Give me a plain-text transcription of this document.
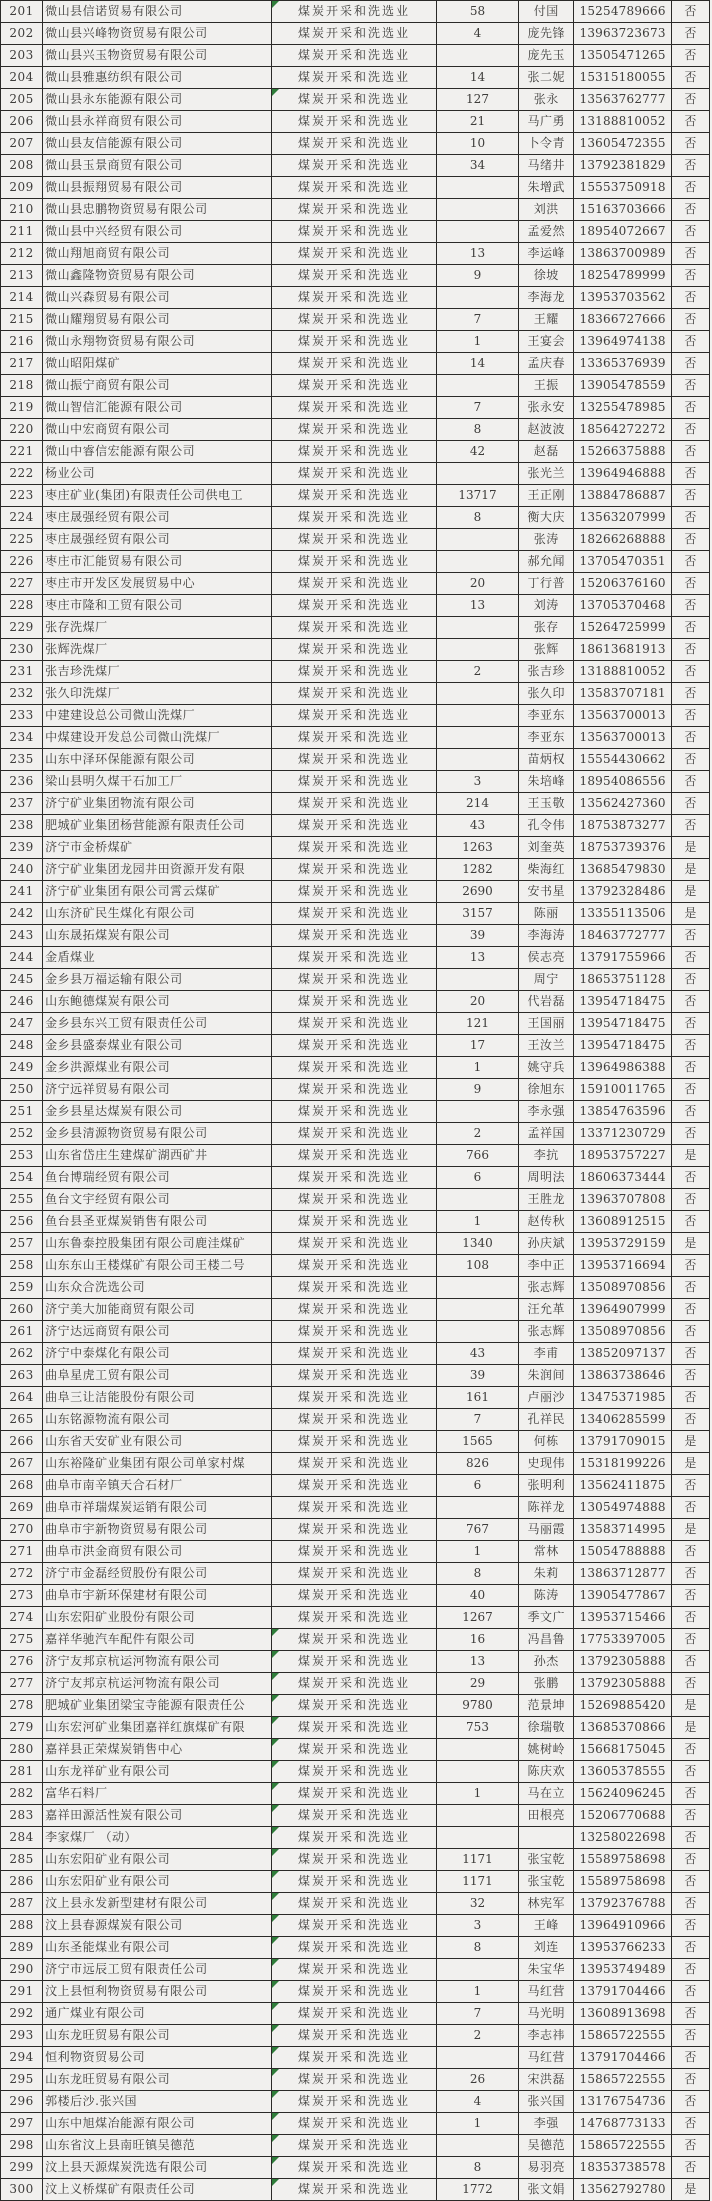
201	微山县信诺贸易有限公司	煤炭开采和洗选业	58	付国	15254789666	否
202	微山县兴峰物资贸易有限公司	煤炭开采和洗选业	4	庞先锋	13963723673	否
203	微山县兴玉物资贸易有限公司	煤炭开采和洗选业		庞先玉	13505471265	否
204	微山县雅惠纺织有限公司	煤炭开采和洗选业	14	张二妮	15315180055	否
205	微山县永东能源有限公司	煤炭开采和洗选业	127	张永	13563762777	否
206	微山县永祥商贸有限公司	煤炭开采和洗选业	21	马广勇	13188810052	否
207	微山县友信能源有限公司	煤炭开采和洗选业	10	卜令青	13605472355	否
208	微山县玉景商贸有限公司	煤炭开采和洗选业	34	马绪井	13792381829	否
209	微山县振翔贸易有限公司	煤炭开采和洗选业		朱增武	15553750918	否
210	微山县忠鹏物资贸易有限公司	煤炭开采和洗选业		刘洪	15163703666	否
211	微山县中兴经贸有限公司	煤炭开采和洗选业		孟爱然	18954072667	否
212	微山翔旭商贸有限公司	煤炭开采和洗选业	13	李运峰	13863700989	否
213	微山鑫隆物资贸易有限公司	煤炭开采和洗选业	9	徐坡	18254789999	否
214	微山兴森贸易有限公司	煤炭开采和洗选业		李海龙	13953703562	否
215	微山耀翔贸易有限公司	煤炭开采和洗选业	7	王耀	18366727666	否
216	微山永翔物资贸易有限公司	煤炭开采和洗选业	1	王宴会	13964974138	否
217	微山昭阳煤矿	煤炭开采和洗选业	14	孟庆春	13365376939	否
218	微山振宁商贸有限公司	煤炭开采和洗选业		王振	13905478559	否
219	微山智信汇能源有限公司	煤炭开采和洗选业	7	张永安	13255478985	否
220	微山中宏商贸有限公司	煤炭开采和洗选业	8	赵波波	18564272272	否
221	微山中睿信宏能源有限公司	煤炭开采和洗选业	42	赵磊	15266375888	否
222	杨业公司	煤炭开采和洗选业		张光兰	13964946888	否
223	枣庄矿业(集团)有限责任公司供电工	煤炭开采和洗选业	13717	王正刚	13884786887	否
224	枣庄晟强经贸有限公司	煤炭开采和洗选业	8	衡大庆	13563207999	否
225	枣庄晟强经贸有限公司	煤炭开采和洗选业		张涛	18266268888	否
226	枣庄市汇能贸易有限公司	煤炭开采和洗选业		郝允闻	13705470351	否
227	枣庄市开发区发展贸易中心	煤炭开采和洗选业	20	丁行普	15206376160	否
228	枣庄市隆和工贸有限公司	煤炭开采和洗选业	13	刘涛	13705370468	否
229	张存洗煤厂	煤炭开采和洗选业		张存	15264725999	否
230	张辉洗煤厂	煤炭开采和洗选业		张辉	18613681913	否
231	张吉珍洗煤厂	煤炭开采和洗选业	2	张吉珍	13188810052	否
232	张久印洗煤厂	煤炭开采和洗选业		张久印	13583707181	否
233	中建建设总公司微山洗煤厂	煤炭开采和洗选业		李亚东	13563700013	否
234	中煤建设开发总公司微山洗煤厂	煤炭开采和洗选业		李亚东	13563700013	否
235	山东中泽环保能源有限公司	煤炭开采和洗选业		苗炳权	15554430662	否
236	梁山县明久煤干石加工厂	煤炭开采和洗选业	3	朱培峰	18954086556	否
237	济宁矿业集团物流有限公司	煤炭开采和洗选业	214	王玉敬	13562427360	否
238	肥城矿业集团杨营能源有限责任公司	煤炭开采和洗选业	43	孔令伟	18753873277	否
239	济宁市金桥煤矿	煤炭开采和洗选业	1263	刘奎英	18753739376	是
240	济宁矿业集团龙园井田资源开发有限	煤炭开采和洗选业	1282	柴海红	13685479830	是
241	济宁矿业集团有限公司霄云煤矿	煤炭开采和洗选业	2690	安书星	13792328486	是
242	山东济矿民生煤化有限公司	煤炭开采和洗选业	3157	陈丽	13355113506	是
243	山东晟拓煤炭有限公司	煤炭开采和洗选业	39	李海涛	18463772777	否
244	金盾煤业	煤炭开采和洗选业	13	侯志亮	13791755966	否
245	金乡县万福运输有限公司	煤炭开采和洗选业		周宁	18653751128	否
246	山东鲍德煤炭有限公司	煤炭开采和洗选业	20	代岩磊	13954718475	否
247	金乡县东兴工贸有限责任公司	煤炭开采和洗选业	121	王国丽	13954718475	否
248	金乡县盛泰煤业有限公司	煤炭开采和洗选业	17	王汝兰	13954718475	否
249	金乡洪源煤业有限公司	煤炭开采和洗选业	1	姚守兵	13964986388	否
250	济宁远祥贸易有限公司	煤炭开采和洗选业	9	徐旭东	15910011765	否
251	金乡县星达煤炭有限公司	煤炭开采和洗选业		李永强	13854763596	否
252	金乡县清源物资贸易有限公司	煤炭开采和洗选业	2	孟祥国	13371230729	否
253	山东省岱庄生建煤矿湖西矿井	煤炭开采和洗选业	766	李抗	18953757227	是
254	鱼台博瑞经贸有限公司	煤炭开采和洗选业	6	周明法	18606373444	否
255	鱼台文宇经贸有限公司	煤炭开采和洗选业		王胜龙	13963707808	否
256	鱼台县圣亚煤炭销售有限公司	煤炭开采和洗选业	1	赵传秋	13608912515	否
257	山东鲁泰控股集团有限公司鹿洼煤矿	煤炭开采和洗选业	1340	孙庆斌	13953729159	是
258	山东东山王楼煤矿有限公司王楼二号	煤炭开采和洗选业	108	李中正	13953716694	否
259	山东众合洗选公司	煤炭开采和洗选业		张志辉	13508970856	否
260	济宁美大加能商贸有限公司	煤炭开采和洗选业		汪允革	13964907999	否
261	济宁达远商贸有限公司	煤炭开采和洗选业		张志辉	13508970856	否
262	济宁中泰煤化有限公司	煤炭开采和洗选业	43	李甫	13852097137	否
263	曲阜星虎工贸有限公司	煤炭开采和洗选业	39	朱润间	13863738646	否
264	曲阜三让洁能股份有限公司	煤炭开采和洗选业	161	卢丽沙	13475371985	否
265	山东铭源物流有限公司	煤炭开采和洗选业	7	孔祥民	13406285599	否
266	山东省天安矿业有限公司	煤炭开采和洗选业	1565	何栋	13791709015	是
267	山东裕隆矿业集团有限公司单家村煤	煤炭开采和洗选业	826	史现伟	15318199226	是
268	曲阜市南辛镇天合石材厂	煤炭开采和洗选业	6	张明利	13562411875	否
269	曲阜市祥瑞煤炭运销有限公司	煤炭开采和洗选业		陈祥龙	13054974888	否
270	曲阜市宇新物资贸易有限公司	煤炭开采和洗选业	767	马丽霞	13583714995	是
271	曲阜市洪金商贸有限公司	煤炭开采和洗选业	1	常林	15054788888	否
272	济宁市金磊经贸股份有限公司	煤炭开采和洗选业	8	朱莉	13863712877	否
273	曲阜市宇新环保建材有限公司	煤炭开采和洗选业	40	陈涛	13905477867	否
274	山东宏阳矿业股份有限公司	煤炭开采和洗选业	1267	季文广	13953715466	否
275	嘉祥华驰汽车配件有限公司	煤炭开采和洗选业	16	冯昌鲁	17753397005	否
276	济宁友邦京杭运河物流有限公司	煤炭开采和洗选业	13	孙杰	13792305888	否
277	济宁友邦京杭运河物流有限公司	煤炭开采和洗选业	29	张鹏	13792305888	否
278	肥城矿业集团梁宝寺能源有限责任公	煤炭开采和洗选业	9780	范景坤	15269885420	是
279	山东宏河矿业集团嘉祥红旗煤矿有限	煤炭开采和洗选业	753	徐瑞敬	13685370866	是
280	嘉祥县正荣煤炭销售中心	煤炭开采和洗选业		姚树岭	15668175045	否
281	山东龙祥矿业有限公司	煤炭开采和洗选业		陈庆欢	13605378555	否
282	富华石料厂	煤炭开采和洗选业	1	马在立	15624096245	否
283	嘉祥田源活性炭有限公司	煤炭开采和洗选业		田根亮	15206770688	否
284	李家煤厂 （动）	煤炭开采和洗选业			13258022698	否
285	山东宏阳矿业有限公司	煤炭开采和洗选业	1171	张宝乾	15589758698	否
286	山东宏阳矿业有限公司	煤炭开采和洗选业	1171	张宝乾	15589758698	否
287	汶上县永发新型建材有限公司	煤炭开采和洗选业	32	林宪军	13792376788	否
288	汶上县春源煤炭有限公司	煤炭开采和洗选业	3	王峰	13964910966	否
289	山东圣能煤业有限公司	煤炭开采和洗选业	8	刘连	13953766233	否
290	济宁市远辰工贸有限责任公司	煤炭开采和洗选业		朱宝华	13953749489	否
291	汶上县恒利物资贸易有限公司	煤炭开采和洗选业	1	马红营	13791704466	否
292	通广煤业有限公司	煤炭开采和洗选业	7	马光明	13608913698	否
293	山东龙旺贸易有限公司	煤炭开采和洗选业	2	李志祎	15865722555	否
294	恒利物资贸易公司	煤炭开采和洗选业		马红营	13791704466	否
295	山东龙旺贸易有限公司	煤炭开采和洗选业	26	宋洪磊	15865722555	否
296	郭楼后沙.张兴国	煤炭开采和洗选业	4	张兴国	13176754736	否
297	山东中旭煤冶能源有限公司	煤炭开采和洗选业	1	李强	14768773133	否
298	山东省汶上县南旺镇吴德范	煤炭开采和洗选业		吴德范	15865722555	否
299	汶上县天源煤炭洗选有限公司	煤炭开采和洗选业	8	易羽亮	18353738578	否
300	汶上义桥煤矿有限责任公司	煤炭开采和洗选业	1772	张文娟	13562792780	是
